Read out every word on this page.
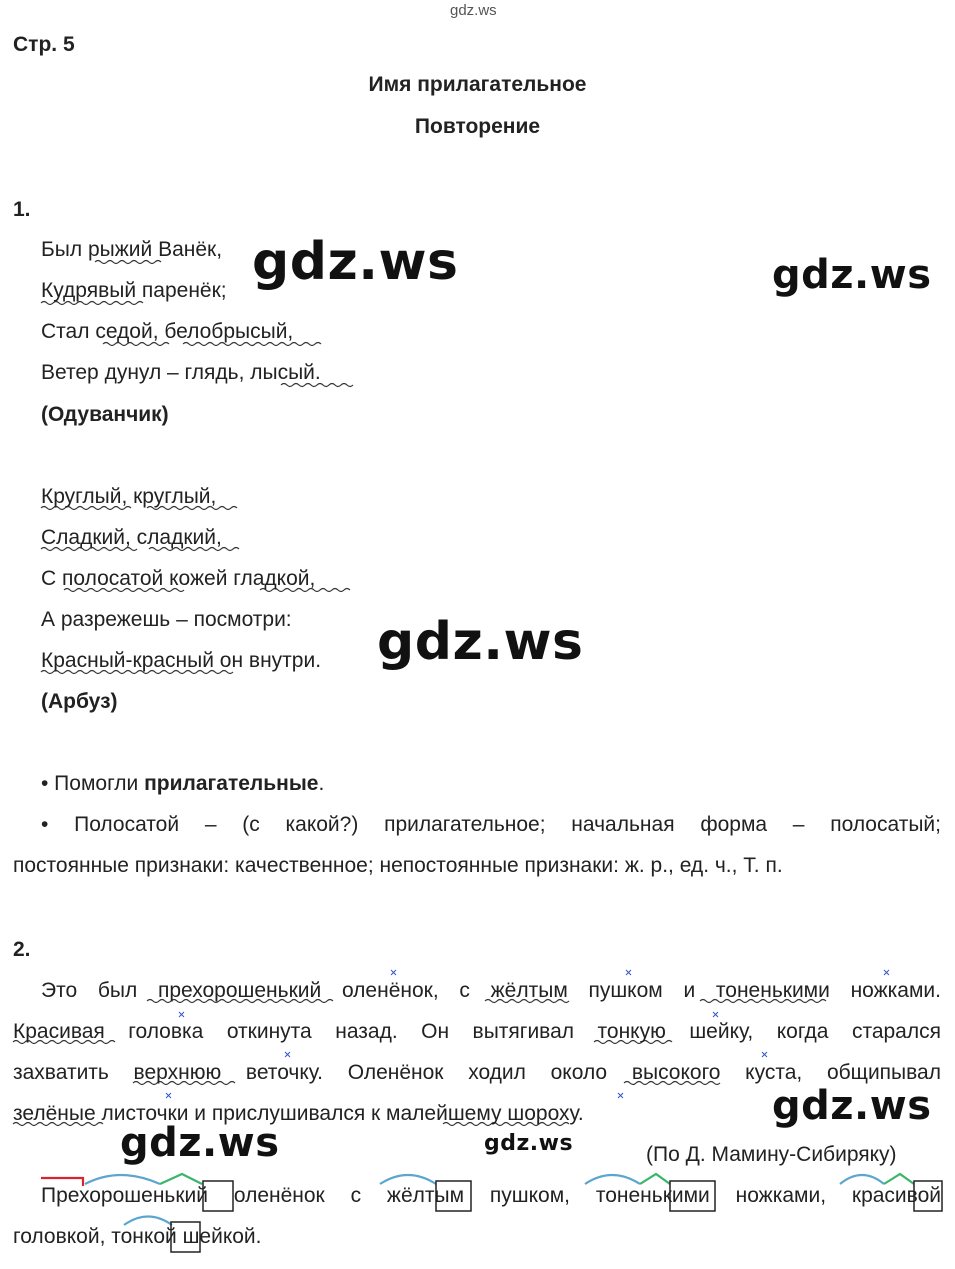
gdz.ws
Стр. 5
Имя прилагательное
Повторение
1.
Был рыжий Ванёк,
Кудрявый паренёк;
Стал седой, белобрысый,
Ветер дунул – глядь, лысый.
(Одуванчик)
Круглый, круглый,
Сладкий, сладкий,
С полосатой кожей гладкой,
А разрежешь – посмотри:
Красный-красный он внутри.
(Арбуз)
• Помогли прилагательные.
• Полосатой – (с какой?) прилагательное; начальная форма – полосатый;
постоянные признаки: качественное; непостоянные признаки: ж. р., ед. ч., Т. п.
2.
Это был прехорошенький оленёнок, с жёлтым пушком и тоненькими ножками.
Красивая головка откинута назад. Он вытягивал тонкую шейку, когда старался
захватить верхнюю веточку. Оленёнок ходил около высокого куста, общипывал
зелёные листочки и прислушивался к малейшему шороху.
(По Д. Мамину-Сибиряку)
Прехорошенький оленёнок с жёлтым пушком, тоненькими ножками, красивой
головкой, тонкой шейкой.
gdz.ws	gdz.ws
gdz.ws
gdz.ws
gdz.ws	gdz.ws
